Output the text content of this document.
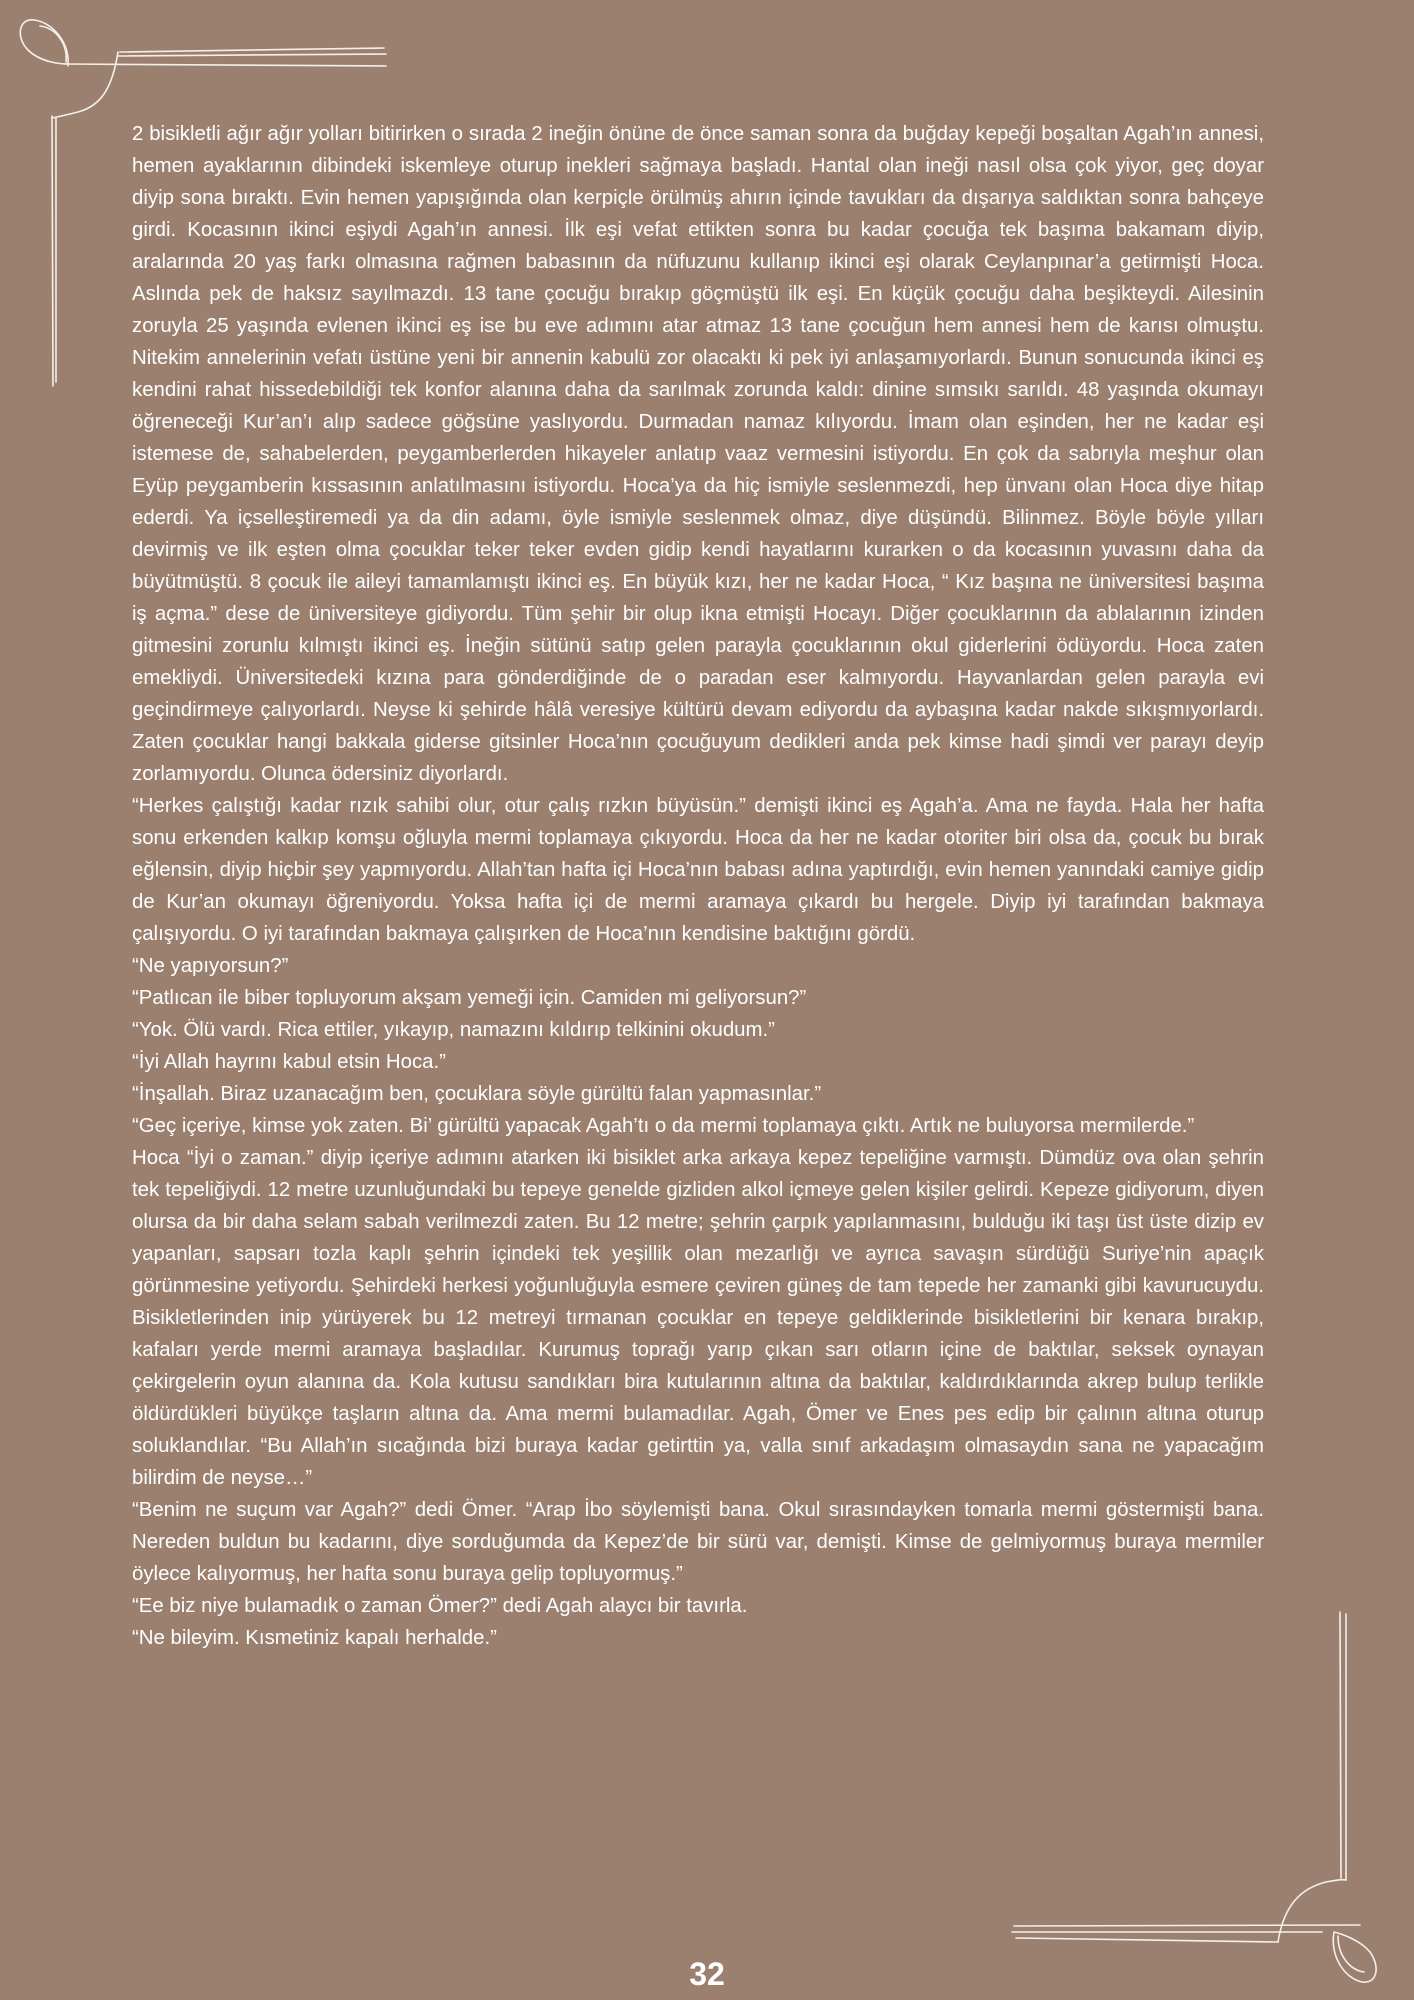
2 bisikletli ağır ağır yolları bitirirken o sırada 2 ineğin önüne de önce saman sonra da buğday kepeği boşaltan Agah’ın annesi, hemen ayaklarının dibindeki iskemleye oturup inekleri sağmaya başladı. Hantal olan ineği nasıl olsa çok yiyor, geç doyar diyip sona bıraktı. Evin hemen yapışığında olan kerpiçle örülmüş ahırın içinde tavukları da dışarıya saldıktan sonra bahçeye girdi. Kocasının ikinci eşiydi Agah’ın annesi. İlk eşi vefat ettikten sonra bu kadar çocuğa tek başıma bakamam diyip, aralarında 20 yaş farkı olmasına rağmen babasının da nüfuzunu kullanıp ikinci eşi olarak Ceylanpınar’a getirmişti Hoca. Aslında pek de haksız sayılmazdı. 13 tane çocuğu bırakıp göçmüştü ilk eşi. En küçük çocuğu daha beşikteydi. Ailesinin zoruyla 25 yaşında evlenen ikinci eş ise bu eve adımını atar atmaz 13 tane çocuğun hem annesi hem de karısı olmuştu. Nitekim annelerinin vefatı üstüne yeni bir annenin kabulü zor olacaktı ki pek iyi anlaşamıyorlardı. Bunun sonucunda ikinci eş kendini rahat hissedebildiği tek konfor alanına daha da sarılmak zorunda kaldı: dinine sımsıkı sarıldı. 48 yaşında okumayı öğreneceği Kur’an’ı alıp sadece göğsüne yaslıyordu. Durmadan namaz kılıyordu. İmam olan eşinden, her ne kadar eşi istemese de, sahabelerden, peygamberlerden hikayeler anlatıp vaaz vermesini istiyordu. En çok da sabrıyla meşhur olan Eyüp peygamberin kıssasının anlatılmasını istiyordu. Hoca’ya da hiç ismiyle seslenmezdi, hep ünvanı olan Hoca diye hitap ederdi. Ya içselleştiremedi ya da din adamı, öyle ismiyle seslenmek olmaz, diye düşündü. Bilinmez. Böyle böyle yılları devirmiş ve ilk eşten olma çocuklar teker teker evden gidip kendi hayatlarını kurarken o da kocasının yuvasını daha da büyütmüştü. 8 çocuk ile aileyi tamamlamıştı ikinci eş. En büyük kızı, her ne kadar Hoca, “ Kız başına ne üniversitesi başıma iş açma.” dese de üniversiteye gidiyordu. Tüm şehir bir olup ikna etmişti Hocayı. Diğer çocuklarının da ablalarının izinden gitmesini zorunlu kılmıştı ikinci eş. İneğin sütünü satıp gelen parayla çocuklarının okul giderlerini ödüyordu. Hoca zaten emekliydi. Üniversitedeki kızına para gönderdiğinde de o paradan eser kalmıyordu. Hayvanlardan gelen parayla evi geçindirmeye çalıyorlardı. Neyse ki şehirde hâlâ veresiye kültürü devam ediyordu da aybaşına kadar nakde sıkışmıyorlardı. Zaten çocuklar hangi bakkala giderse gitsinler Hoca’nın çocuğuyum dedikleri anda pek kimse hadi şimdi ver parayı deyip zorlamıyordu. Olunca ödersiniz diyorlardı.

“Herkes çalıştığı kadar rızık sahibi olur, otur çalış rızkın büyüsün.” demişti ikinci eş Agah’a. Ama ne fayda. Hala her hafta sonu erkenden kalkıp komşu oğluyla mermi toplamaya çıkıyordu. Hoca da her ne kadar otoriter biri olsa da, çocuk bu bırak eğlensin, diyip hiçbir şey yapmıyordu. Allah’tan hafta içi Hoca’nın babası adına yaptırdığı, evin hemen yanındaki camiye gidip de Kur’an okumayı öğreniyordu. Yoksa hafta içi de mermi aramaya çıkardı bu hergele. Diyip iyi tarafından bakmaya çalışıyordu. O iyi tarafından bakmaya çalışırken de Hoca’nın kendisine baktığını gördü.

“Ne yapıyorsun?”

“Patlıcan ile biber topluyorum akşam yemeği için. Camiden mi geliyorsun?”

“Yok. Ölü vardı. Rica ettiler, yıkayıp, namazını kıldırıp telkinini okudum.”

“İyi Allah hayrını kabul etsin Hoca.”

“İnşallah. Biraz uzanacağım ben, çocuklara söyle gürültü falan yapmasınlar.”

“Geç içeriye, kimse yok zaten. Bi’ gürültü yapacak Agah’tı o da mermi toplamaya çıktı. Artık ne buluyorsa mermilerde.”

Hoca “İyi o zaman.” diyip içeriye adımını atarken iki bisiklet arka arkaya kepez tepeliğine varmıştı. Dümdüz ova olan şehrin tek tepeliğiydi. 12 metre uzunluğundaki bu tepeye genelde gizliden alkol içmeye gelen kişiler gelirdi. Kepeze gidiyorum, diyen olursa da bir daha selam sabah verilmezdi zaten. Bu 12 metre; şehrin çarpık yapılanmasını, bulduğu iki taşı üst üste dizip ev yapanları, sapsarı tozla kaplı şehrin içindeki tek yeşillik olan mezarlığı ve ayrıca savaşın sürdüğü Suriye’nin apaçık görünmesine yetiyordu. Şehirdeki herkesi yoğunluğuyla esmere çeviren güneş de tam tepede her zamanki gibi kavurucuydu. Bisikletlerinden inip yürüyerek bu 12 metreyi tırmanan çocuklar en tepeye geldiklerinde bisikletlerini bir kenara bırakıp, kafaları yerde mermi aramaya başladılar. Kurumuş toprağı yarıp çıkan sarı otların içine de baktılar, seksek oynayan çekirgelerin oyun alanına da. Kola kutusu sandıkları bira kutularının altına da baktılar, kaldırdıklarında akrep bulup terlikle öldürdükleri büyükçe taşların altına da. Ama mermi bulamadılar. Agah, Ömer ve Enes pes edip bir çalının altına oturup soluklandılar. “Bu Allah’ın sıcağında bizi buraya kadar getirttin ya, valla sınıf arkadaşım olmasaydın sana ne yapacağım bilirdim de neyse…”

“Benim ne suçum var Agah?” dedi Ömer. “Arap İbo söylemişti bana. Okul sırasındayken tomarla mermi göstermişti bana. Nereden buldun bu kadarını, diye sorduğumda da Kepez’de bir sürü var, demişti. Kimse de gelmiyormuş buraya mermiler öylece kalıyormuş, her hafta sonu buraya gelip topluyormuş.”

“Ee biz niye bulamadık o zaman Ömer?” dedi Agah alaycı bir tavırla.

“Ne bileyim. Kısmetiniz kapalı herhalde.”

32
